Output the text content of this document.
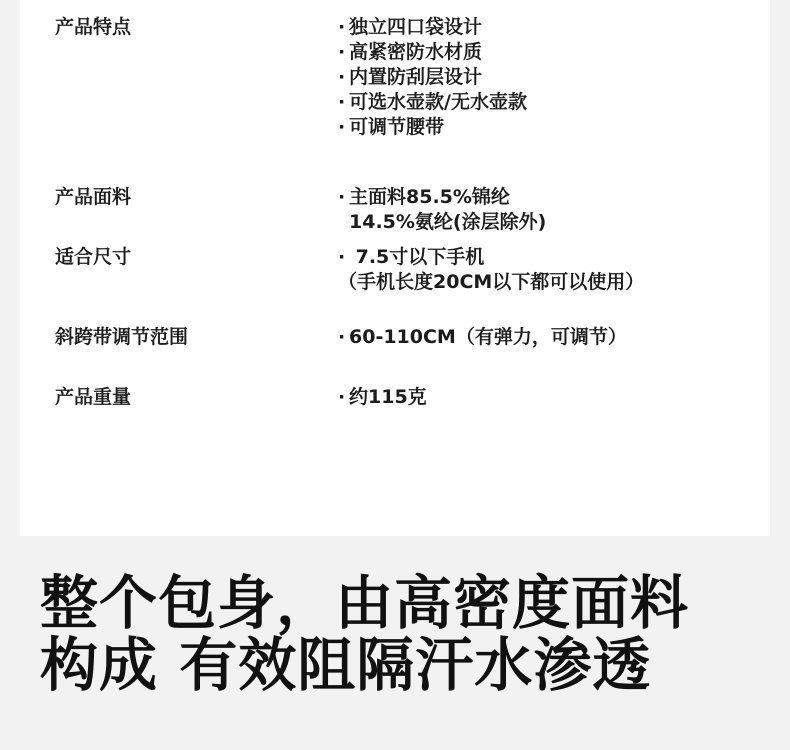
产品特点	· 独立四口袋设计
· 高紧密防水材质
· 内置防刮层设计
· 可选水壶款/无水壶款
· 可调节腰带
产品面料	· 主面料85.5%锦纶
14.5%氨纶(涂层除外)
适合尺寸	· 7.5寸以下手机
（手机长度20CM以下都可以使用）
斜跨带调节范围	· 60-110CM（有弹力，可调节）
产品重量	· 约115克
整个包身，由高密度面料
构成 有效阻隔汗水渗透
